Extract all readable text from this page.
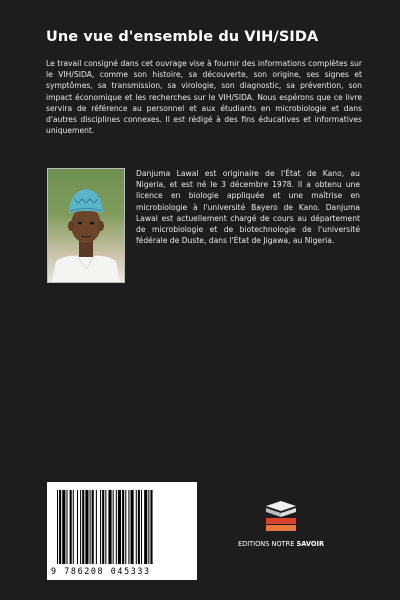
Une vue d'ensemble du VIH/SIDA
Le travail consigné dans cet ouvrage vise à fournir des informations complètes sur le VIH/SIDA, comme son histoire, sa découverte, son origine, ses signes et symptômes, sa transmission, sa virologie, son diagnostic, sa prévention, son impact économique et les recherches sur le VIH/SIDA. Nous espérons que ce livre servira de référence au personnel et aux étudiants en microbiologie et dans d'autres disciplines connexes. Il est rédigé à des fins éducatives et informatives uniquement.
Danjuma Lawal est originaire de l'État de Kano, au Nigeria, et est né le 3 décembre 1978. Il a obtenu une licence en biologie appliquée et une maîtrise en microbiologie à l'université Bayero de Kano. Danjuma Lawal est actuellement chargé de cours au département de microbiologie et de biotechnologie de l'université fédérale de Duste, dans l'État de Jigawa, au Nigeria.
9 786208 045333
EDITIONS NOTRE SAVOIR
